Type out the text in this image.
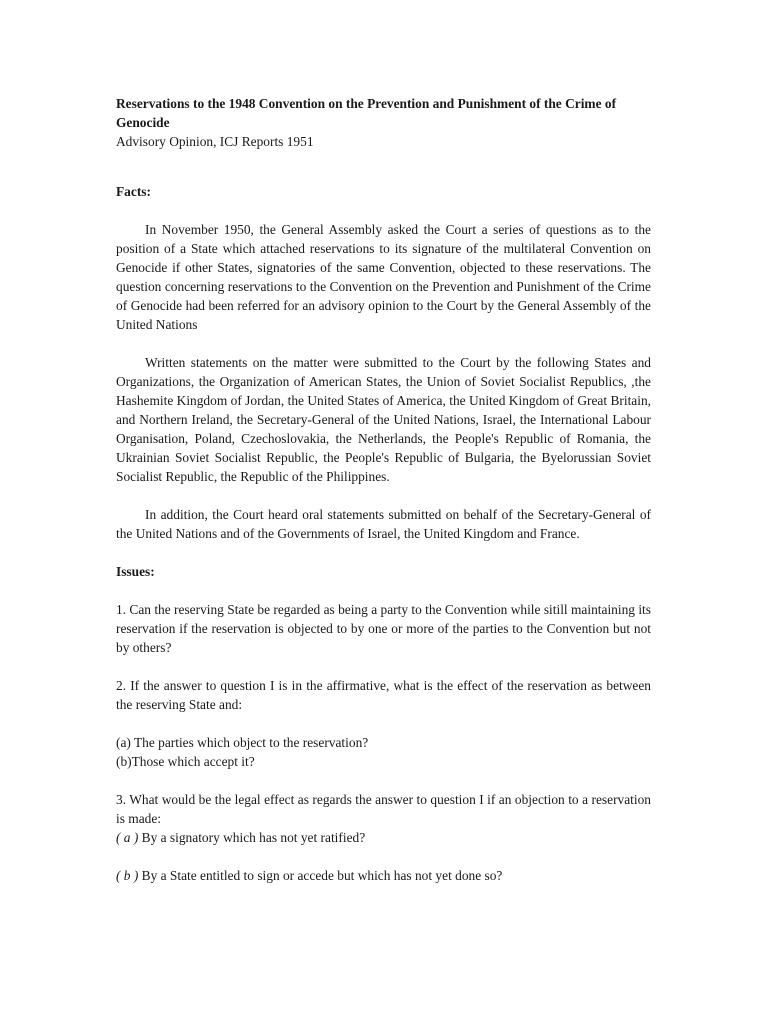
Reservations to the 1948 Convention on the Prevention and Punishment of the Crime of Genocide

Advisory Opinion, ICJ Reports 1951

Facts:

In November 1950, the General Assembly asked the Court a series of questions as to the position of a State which attached reservations to its signature of the multilateral Convention on Genocide if other States, signatories of the same Convention, objected to these reservations. The question concerning reservations to the Convention on the Prevention and Punishment of the Crime of Genocide had been referred for an advisory opinion to the Court by the General Assembly of the United Nations

Written statements on the matter were submitted to the Court by the following States and Organizations, the Organization of American States, the Union of Soviet Socialist Republics, ,the Hashemite Kingdom of Jordan, the United States of America, the United Kingdom of Great Britain, and Northern Ireland, the Secretary-General of the United Nations, Israel, the International Labour Organisation, Poland, Czechoslovakia, the Netherlands, the People's Republic of Romania, the Ukrainian Soviet Socialist Republic, the People's Republic of Bulgaria, the Byelorussian Soviet Socialist Republic, the Republic of the Philippines.

In addition, the Court heard oral statements submitted on behalf of the Secretary-General of the United Nations and of the Governments of Israel, the United Kingdom and France.

Issues:

1. Can the reserving State be regarded as being a party to the Convention while sitill maintaining its reservation if the reservation is objected to by one or more of the parties to the Convention but not by others?

2. If the answer to question I is in the affirmative, what is the effect of the reservation as between the reserving State and:

(a) The parties which object to the reservation?

(b)Those which accept it?

3. What would be the legal effect as regards the answer to question I if an objection to a reservation is made:

( a ) By a signatory which has not yet ratified?

( b ) By a State entitled to sign or accede but which has not yet done so?
